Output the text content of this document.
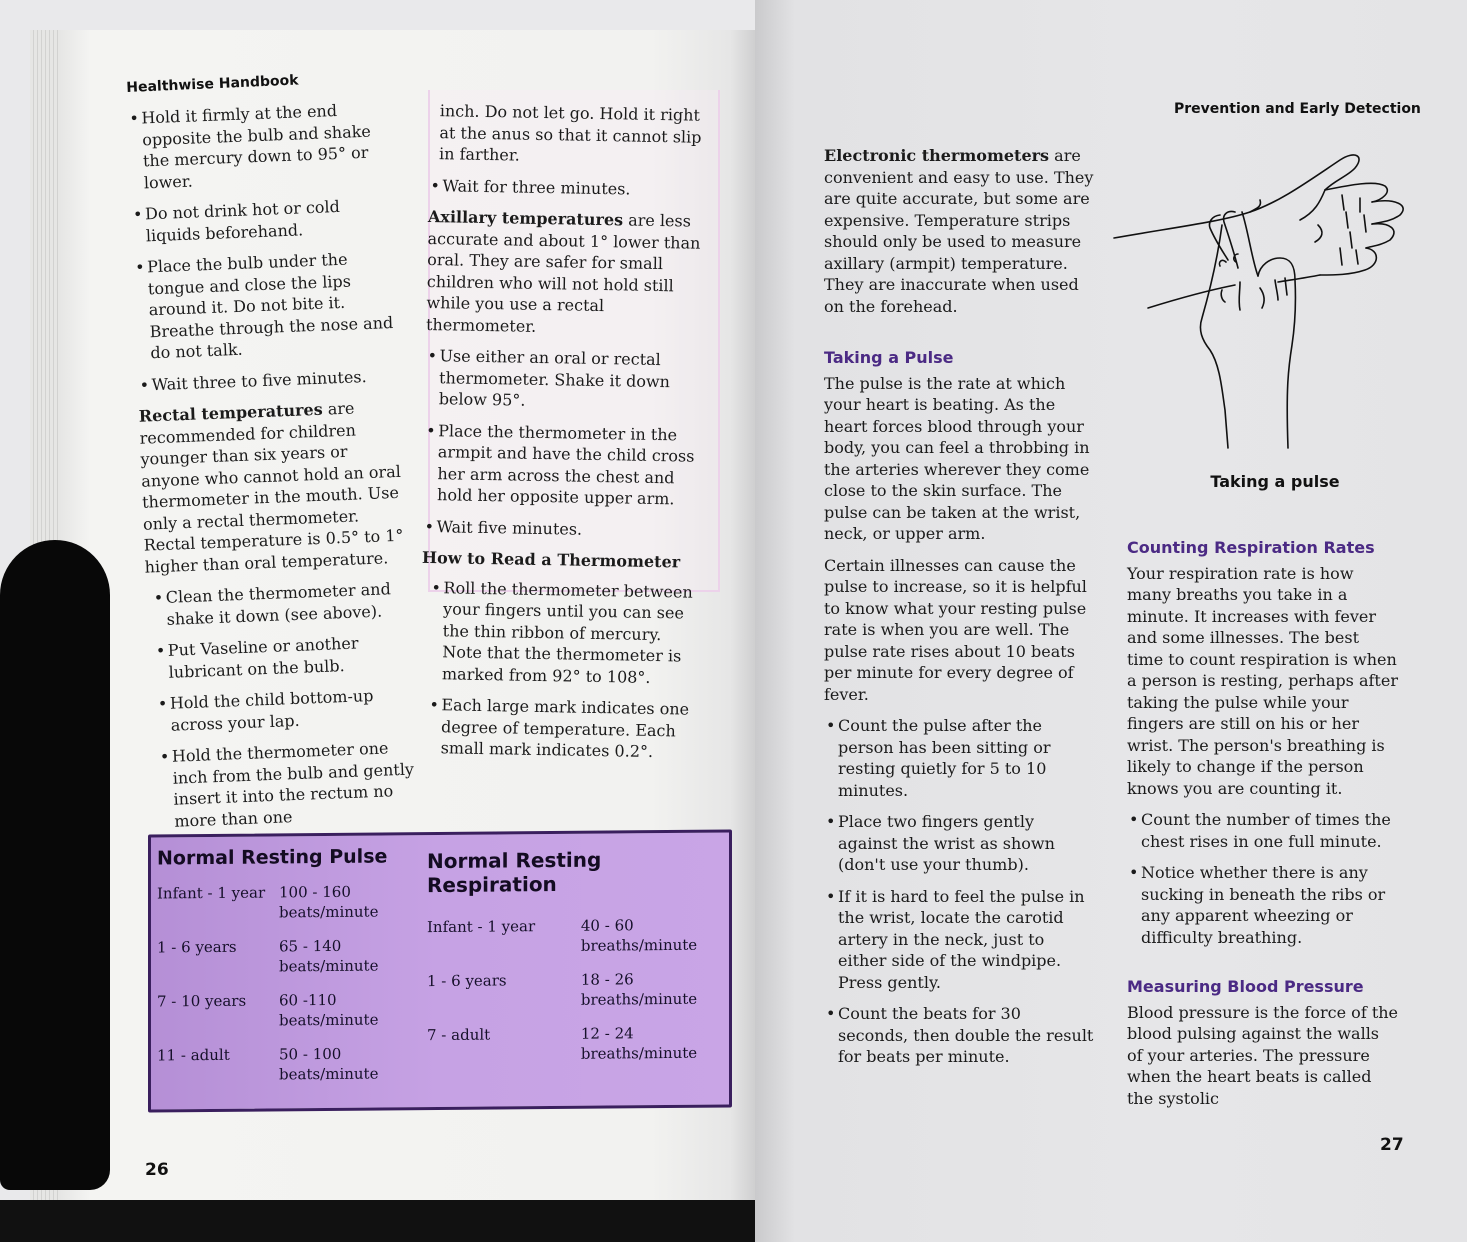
Healthwise Handbook
• Hold it firmly at the end opposite the bulb and shake the mercury down to 95° or lower.
• Do not drink hot or cold liquids beforehand.
• Place the bulb under the tongue and close the lips around it. Do not bite it. Breathe through the nose and do not talk.
• Wait three to five minutes.

Rectal temperatures are recommended for children younger than six years or anyone who cannot hold an oral thermometer in the mouth. Use only a rectal thermometer. Rectal temperature is 0.5° to 1° higher than oral temperature.

• Clean the thermometer and shake it down (see above).
• Put Vaseline or another lubricant on the bulb.
• Hold the child bottom-up across your lap.
• Hold the thermometer one inch from the bulb and gently insert it into the rectum no more than one

inch. Do not let go. Hold it right at the anus so that it cannot slip in farther.

• Wait for three minutes.

Axillary temperatures are less accurate and about 1° lower than oral. They are safer for small children who will not hold still while you use a rectal thermometer.

• Use either an oral or rectal thermometer. Shake it down below 95°.
• Place the thermometer in the armpit and have the child cross her arm across the chest and hold her opposite upper arm.
• Wait five minutes.
How to Read a Thermometer
• Roll the thermometer between your fingers until you can see the thin ribbon of mercury. Note that the thermometer is marked from 92° to 108°.
• Each large mark indicates one degree of temperature. Each small mark indicates 0.2°.
Normal Resting Pulse
Infant - 1 year 100 - 160
beats/minute
1 - 6 years	65 - 140
beats/minute
7 - 10 years	60 -110
beats/minute
11 - adult	50 - 100
beats/minute
Normal Resting Respiration
Infant - 1 year	40 - 60
breaths/minute
1 - 6 years	18 - 26
breaths/minute
7 - adult	12 - 24
breaths/minute
26
Prevention and Early Detection

Electronic thermometers are convenient and easy to use. They are quite accurate, but some are expensive. Temperature strips should only be used to measure axillary (armpit) temperature. They are inaccurate when used on the forehead.

Taking a Pulse

The pulse is the rate at which your heart is beating. As the heart forces blood through your body, you can feel a throbbing in the arteries wherever they come close to the skin surface. The pulse can be taken at the wrist, neck, or upper arm.

Certain illnesses can cause the pulse to increase, so it is helpful to know what your resting pulse rate is when you are well. The pulse rate rises about 10 beats per minute for every degree of fever.

• Count the pulse after the person has been sitting or resting quietly for 5 to 10 minutes.
• Place two fingers gently against the wrist as shown (don't use your thumb).
• If it is hard to feel the pulse in the wrist, locate the carotid artery in the neck, just to either side of the windpipe. Press gently.
• Count the beats for 30 seconds, then double the result for beats per minute.
Taking a pulse
Counting Respiration Rates

Your respiration rate is how many breaths you take in a minute. It increases with fever and some illnesses. The best time to count respiration is when a person is resting, perhaps after taking the pulse while your fingers are still on his or her wrist. The person's breathing is likely to change if the person knows you are counting it.

• Count the number of times the chest rises in one full minute.
• Notice whether there is any sucking in beneath the ribs or any apparent wheezing or difficulty breathing.
Measuring Blood Pressure

Blood pressure is the force of the blood pulsing against the walls of your arteries. The pressure when the heart beats is called the systolic

27
